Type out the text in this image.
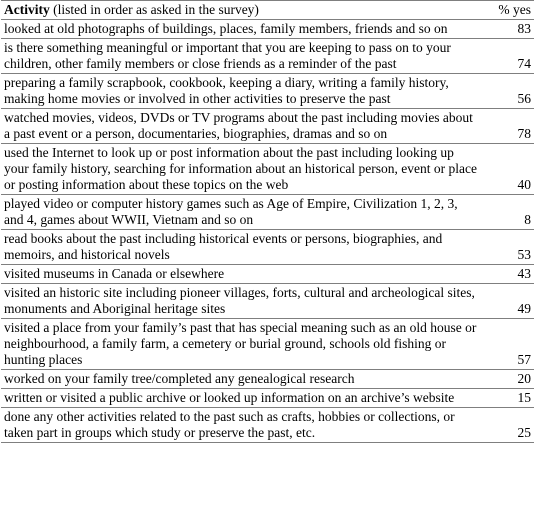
Activity (listed in order as asked in the survey)	% yes
looked at old photographs of buildings, places, family members, friends and so on	83
is there something meaningful or important that you are keeping to pass on to your children, other family members or close friends as a reminder of the past	74
preparing a family scrapbook, cookbook, keeping a diary, writing a family history, making home movies or involved in other activities to preserve the past	56
watched movies, videos, DVDs or TV programs about the past including movies about a past event or a person, documentaries, biographies, dramas and so on	78
used the Internet to look up or post information about the past including looking up your family history, searching for information about an historical person, event or place or posting information about these topics on the web	40
played video or computer history games such as Age of Empire, Civilization 1, 2, 3, and 4, games about WWII, Vietnam and so on	8
read books about the past including historical events or persons, biographies, and memoirs, and historical novels	53
visited museums in Canada or elsewhere	43
visited an historic site including pioneer villages, forts, cultural and archeological sites, monuments and Aboriginal heritage sites	49
visited a place from your family’s past that has special meaning such as an old house or neighbourhood, a family farm, a cemetery or burial ground, schools old fishing or hunting places	57
worked on your family tree/completed any genealogical research	20
written or visited a public archive or looked up information on an archive’s website	15
done any other activities related to the past such as crafts, hobbies or collections, or taken part in groups which study or preserve the past, etc.	25
